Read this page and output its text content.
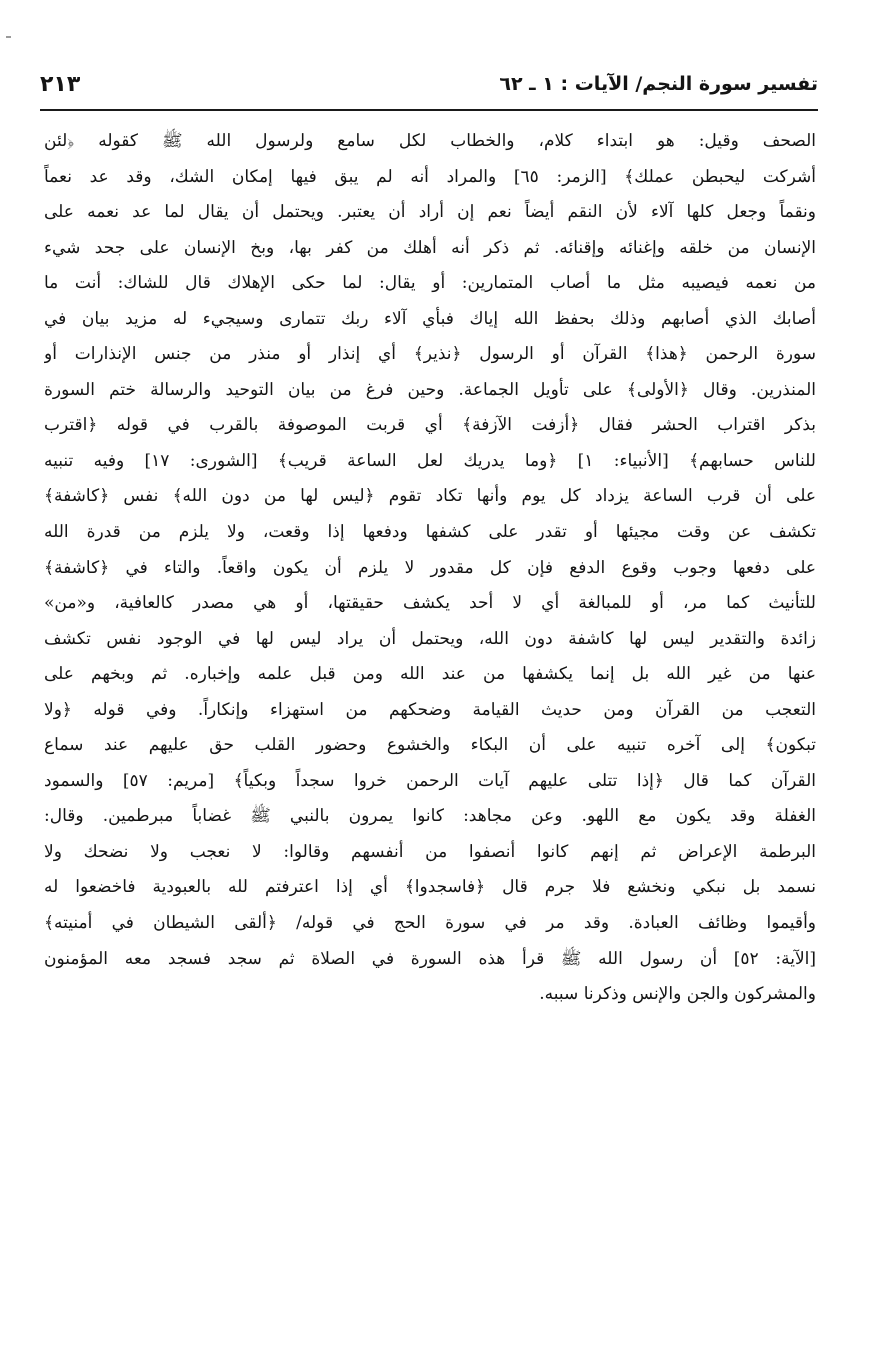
تفسير سورة النجم/ الآيات : ١ ـ ٦٢
٢١٣
الصحف وقيل: هو ابتداء كلام، والخطاب لكل سامع ولرسول الله ﷺ كقوله ﴿لئن
أشركت ليحبطن عملك﴾ [الزمر: ٦٥] والمراد أنه لم يبق فيها إمكان الشك، وقد عد نعماً
ونقماً وجعل كلها آلاء لأن النقم أيضاً نعم إن أراد أن يعتبر. ويحتمل أن يقال لما عد نعمه على
الإنسان من خلقه وإغنائه وإقنائه. ثم ذكر أنه أهلك من كفر بها، وبخ الإنسان على جحد شيء
من نعمه فيصيبه مثل ما أصاب المتمارين: أو يقال: لما حكى الإهلاك قال للشاك: أنت ما
أصابك الذي أصابهم وذلك بحفظ الله إياك فبأي آلاء ربك تتمارى وسيجيء له مزيد بيان في
سورة الرحمن ﴿هذا﴾ القرآن أو الرسول ﴿نذير﴾ أي إنذار أو منذر من جنس الإنذارات أو
المنذرين. وقال ﴿الأولى﴾ على تأويل الجماعة. وحين فرغ من بيان التوحيد والرسالة ختم السورة
بذكر اقتراب الحشر فقال ﴿أزفت الآزفة﴾ أي قربت الموصوفة بالقرب في قوله ﴿اقترب
للناس حسابهم﴾ [الأنبياء: ١] ﴿وما يدريك لعل الساعة قريب﴾ [الشورى: ١٧] وفيه تنبيه
على أن قرب الساعة يزداد كل يوم وأنها تكاد تقوم ﴿ليس لها من دون الله﴾ نفس ﴿كاشفة﴾
تكشف عن وقت مجيئها أو تقدر على كشفها ودفعها إذا وقعت، ولا يلزم من قدرة الله
على دفعها وجوب وقوع الدفع فإن كل مقدور لا يلزم أن يكون واقعاً. والتاء في ﴿كاشفة﴾
للتأنيث كما مر، أو للمبالغة أي لا أحد يكشف حقيقتها، أو هي مصدر كالعافية، و«من»
زائدة والتقدير ليس لها كاشفة دون الله، ويحتمل أن يراد ليس لها في الوجود نفس تكشف
عنها من غير الله بل إنما يكشفها من عند الله ومن قبل علمه وإخباره. ثم وبخهم على
التعجب من القرآن ومن حديث القيامة وضحكهم من استهزاء وإنكاراً. وفي قوله ﴿ولا
تبكون﴾ إلى آخره تنبيه على أن البكاء والخشوع وحضور القلب حق عليهم عند سماع
القرآن كما قال ﴿إذا تتلى عليهم آيات الرحمن خروا سجداً وبكياً﴾ [مريم: ٥٧] والسمود
الغفلة وقد يكون مع اللهو. وعن مجاهد: كانوا يمرون بالنبي ﷺ غضاباً مبرطمين. وقال:
البرطمة الإعراض ثم إنهم كانوا أنصفوا من أنفسهم وقالوا: لا نعجب ولا نضحك ولا
نسمد بل نبكي ونخشع فلا جرم قال ﴿فاسجدوا﴾ أي إذا اعترفتم لله بالعبودية فاخضعوا له
وأقيموا وظائف العبادة. وقد مر في سورة الحج في قوله/ ﴿ألقى الشيطان في أمنيته﴾
[الآية: ٥٢] أن رسول الله ﷺ قرأ هذه السورة في الصلاة ثم سجد فسجد معه المؤمنون
والمشركون والجن والإنس وذكرنا سببه.
